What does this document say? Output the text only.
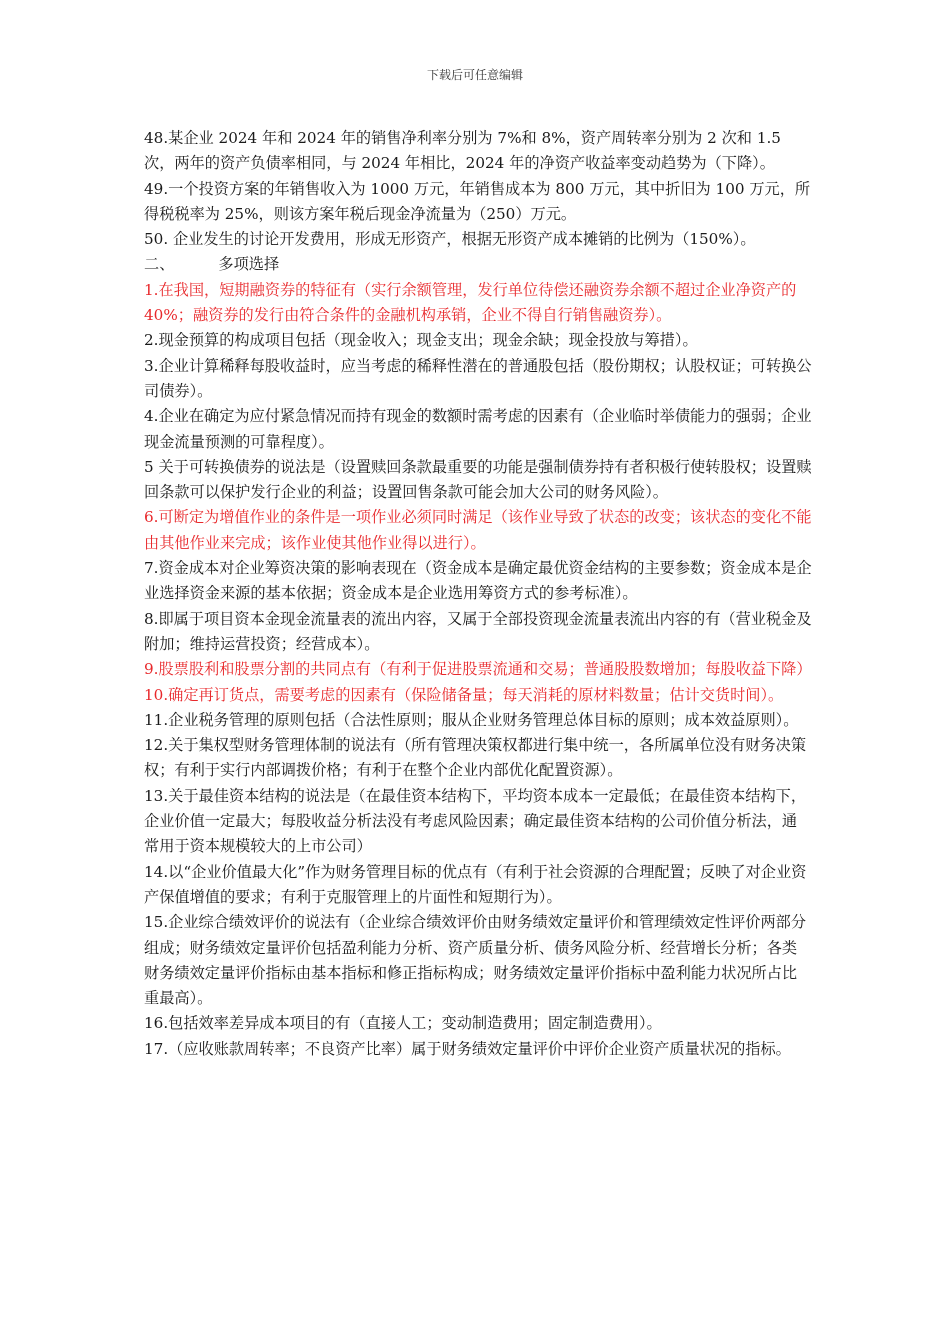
下载后可任意编辑

48.某企业 2024 年和 2024 年的销售净利率分别为 7%和 8%，资产周转率分别为 2 次和 1.5 次，两年的资产负债率相同，与 2024 年相比，2024 年的净资产收益率变动趋势为（下降）。

49.一个投资方案的年销售收入为 1000 万元，年销售成本为 800 万元，其中折旧为 100 万元，所得税税率为 25%，则该方案年税后现金净流量为（250）万元。

50. 企业发生的讨论开发费用，形成无形资产，根据无形资产成本摊销的比例为（150%）。

二、	多项选择

1.在我国，短期融资券的特征有（实行余额管理，发行单位待偿还融资券余额不超过企业净资产的 40%；融资券的发行由符合条件的金融机构承销，企业不得自行销售融资券）。

2.现金预算的构成项目包括（现金收入；现金支出；现金余缺；现金投放与筹措）。

3.企业计算稀释每股收益时，应当考虑的稀释性潜在的普通股包括（股份期权；认股权证；可转换公司债券）。

4.企业在确定为应付紧急情况而持有现金的数额时需考虑的因素有（企业临时举债能力的强弱；企业现金流量预测的可靠程度）。

5 关于可转换债券的说法是（设置赎回条款最重要的功能是强制债券持有者积极行使转股权；设置赎回条款可以保护发行企业的利益；设置回售条款可能会加大公司的财务风险）。

6.可断定为增值作业的条件是一项作业必须同时满足（该作业导致了状态的改变；该状态的变化不能由其他作业来完成；该作业使其他作业得以进行）。

7.资金成本对企业筹资决策的影响表现在（资金成本是确定最优资金结构的主要参数；资金成本是企业选择资金来源的基本依据；资金成本是企业选用筹资方式的参考标准）。

8.即属于项目资本金现金流量表的流出内容，又属于全部投资现金流量表流出内容的有（营业税金及附加；维持运营投资；经营成本）。

9.股票股利和股票分割的共同点有（有利于促进股票流通和交易；普通股股数增加；每股收益下降）

10.确定再订货点，需要考虑的因素有（保险储备量；每天消耗的原材料数量；估计交货时间）。

11.企业税务管理的原则包括（合法性原则；服从企业财务管理总体目标的原则；成本效益原则）。

12.关于集权型财务管理体制的说法有（所有管理决策权都进行集中统一，各所属单位没有财务决策权；有利于实行内部调拨价格；有利于在整个企业内部优化配置资源）。

13.关于最佳资本结构的说法是（在最佳资本结构下，平均资本成本一定最低；在最佳资本结构下，企业价值一定最大；每股收益分析法没有考虑风险因素；确定最佳资本结构的公司价值分析法，通常用于资本规模较大的上市公司）

14.以“企业价值最大化”作为财务管理目标的优点有（有利于社会资源的合理配置；反映了对企业资产保值增值的要求；有利于克服管理上的片面性和短期行为）。

15.企业综合绩效评价的说法有（企业综合绩效评价由财务绩效定量评价和管理绩效定性评价两部分组成；财务绩效定量评价包括盈利能力分析、资产质量分析、债务风险分析、经营增长分析；各类财务绩效定量评价指标由基本指标和修正指标构成；财务绩效定量评价指标中盈利能力状况所占比重最高）。

16.包括效率差异成本项目的有（直接人工；变动制造费用；固定制造费用）。

17.（应收账款周转率；不良资产比率）属于财务绩效定量评价中评价企业资产质量状况的指标。
